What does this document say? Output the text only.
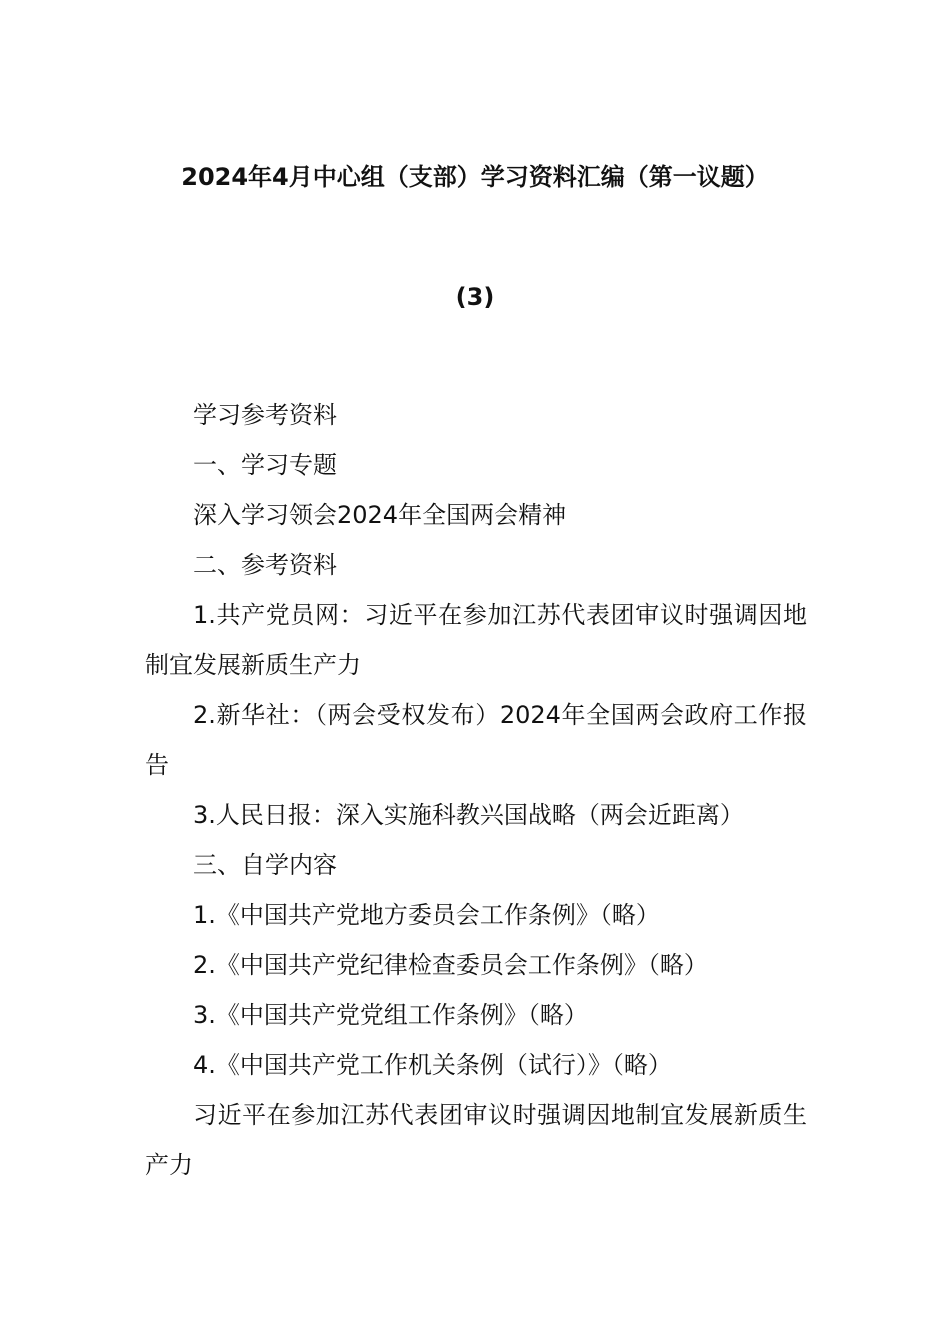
2024年4月中心组（支部）学习资料汇编（第一议题）
(3)

学习参考资料

一、学习专题

深入学习领会2024年全国两会精神

二、参考资料

1.共产党员网：习近平在参加江苏代表团审议时强调因地制宜发展新质生产力

2.新华社：（两会受权发布）2024年全国两会政府工作报告

3.人民日报：深入实施科教兴国战略（两会近距离）

三、自学内容

1.《中国共产党地方委员会工作条例》（略）

2.《中国共产党纪律检查委员会工作条例》（略）

3.《中国共产党党组工作条例》（略）

4.《中国共产党工作机关条例（试行）》（略）

习近平在参加江苏代表团审议时强调因地制宜发展新质生产力
